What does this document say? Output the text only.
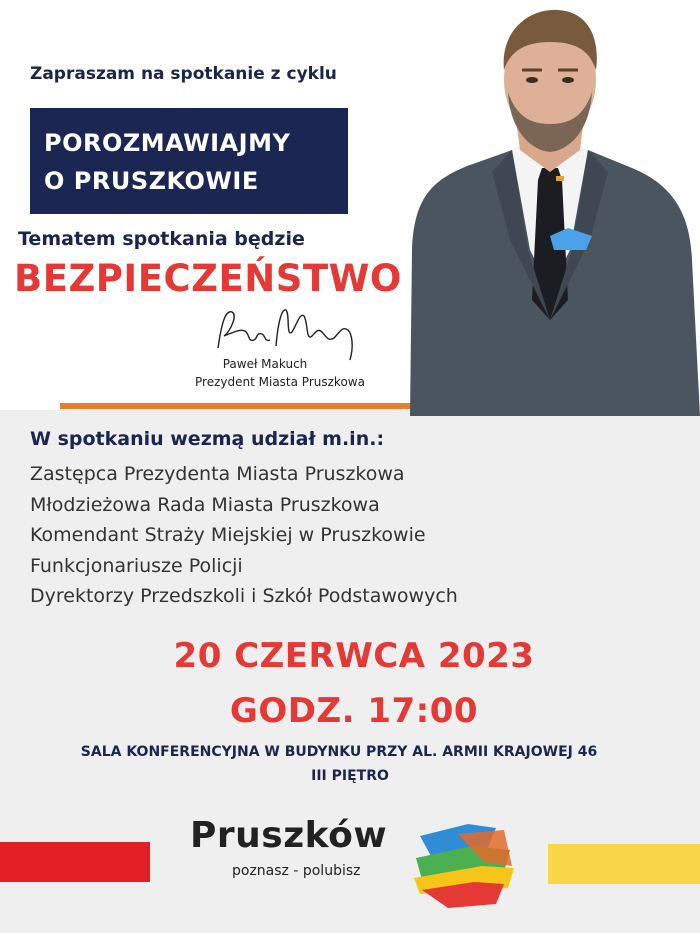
Zapraszam na spotkanie z cyklu
POROZMAWIAJMY
O PRUSZKOWIE
Tematem spotkania będzie
BEZPIECZEŃSTWO
Paweł Makuch
Prezydent Miasta Pruszkowa
W spotkaniu wezmą udział m.in.:
Zastępca Prezydenta Miasta Pruszkowa
Młodzieżowa Rada Miasta Pruszkowa
Komendant Straży Miejskiej w Pruszkowie
Funkcjonariusze Policji
Dyrektorzy Przedszkoli i Szkół Podstawowych
20 CZERWCA 2023
GODZ. 17:00
SALA KONFERENCYJNA W BUDYNKU PRZY AL. ARMII KRAJOWEJ 46
III PIĘTRO
Pruszków
poznasz - polubisz
